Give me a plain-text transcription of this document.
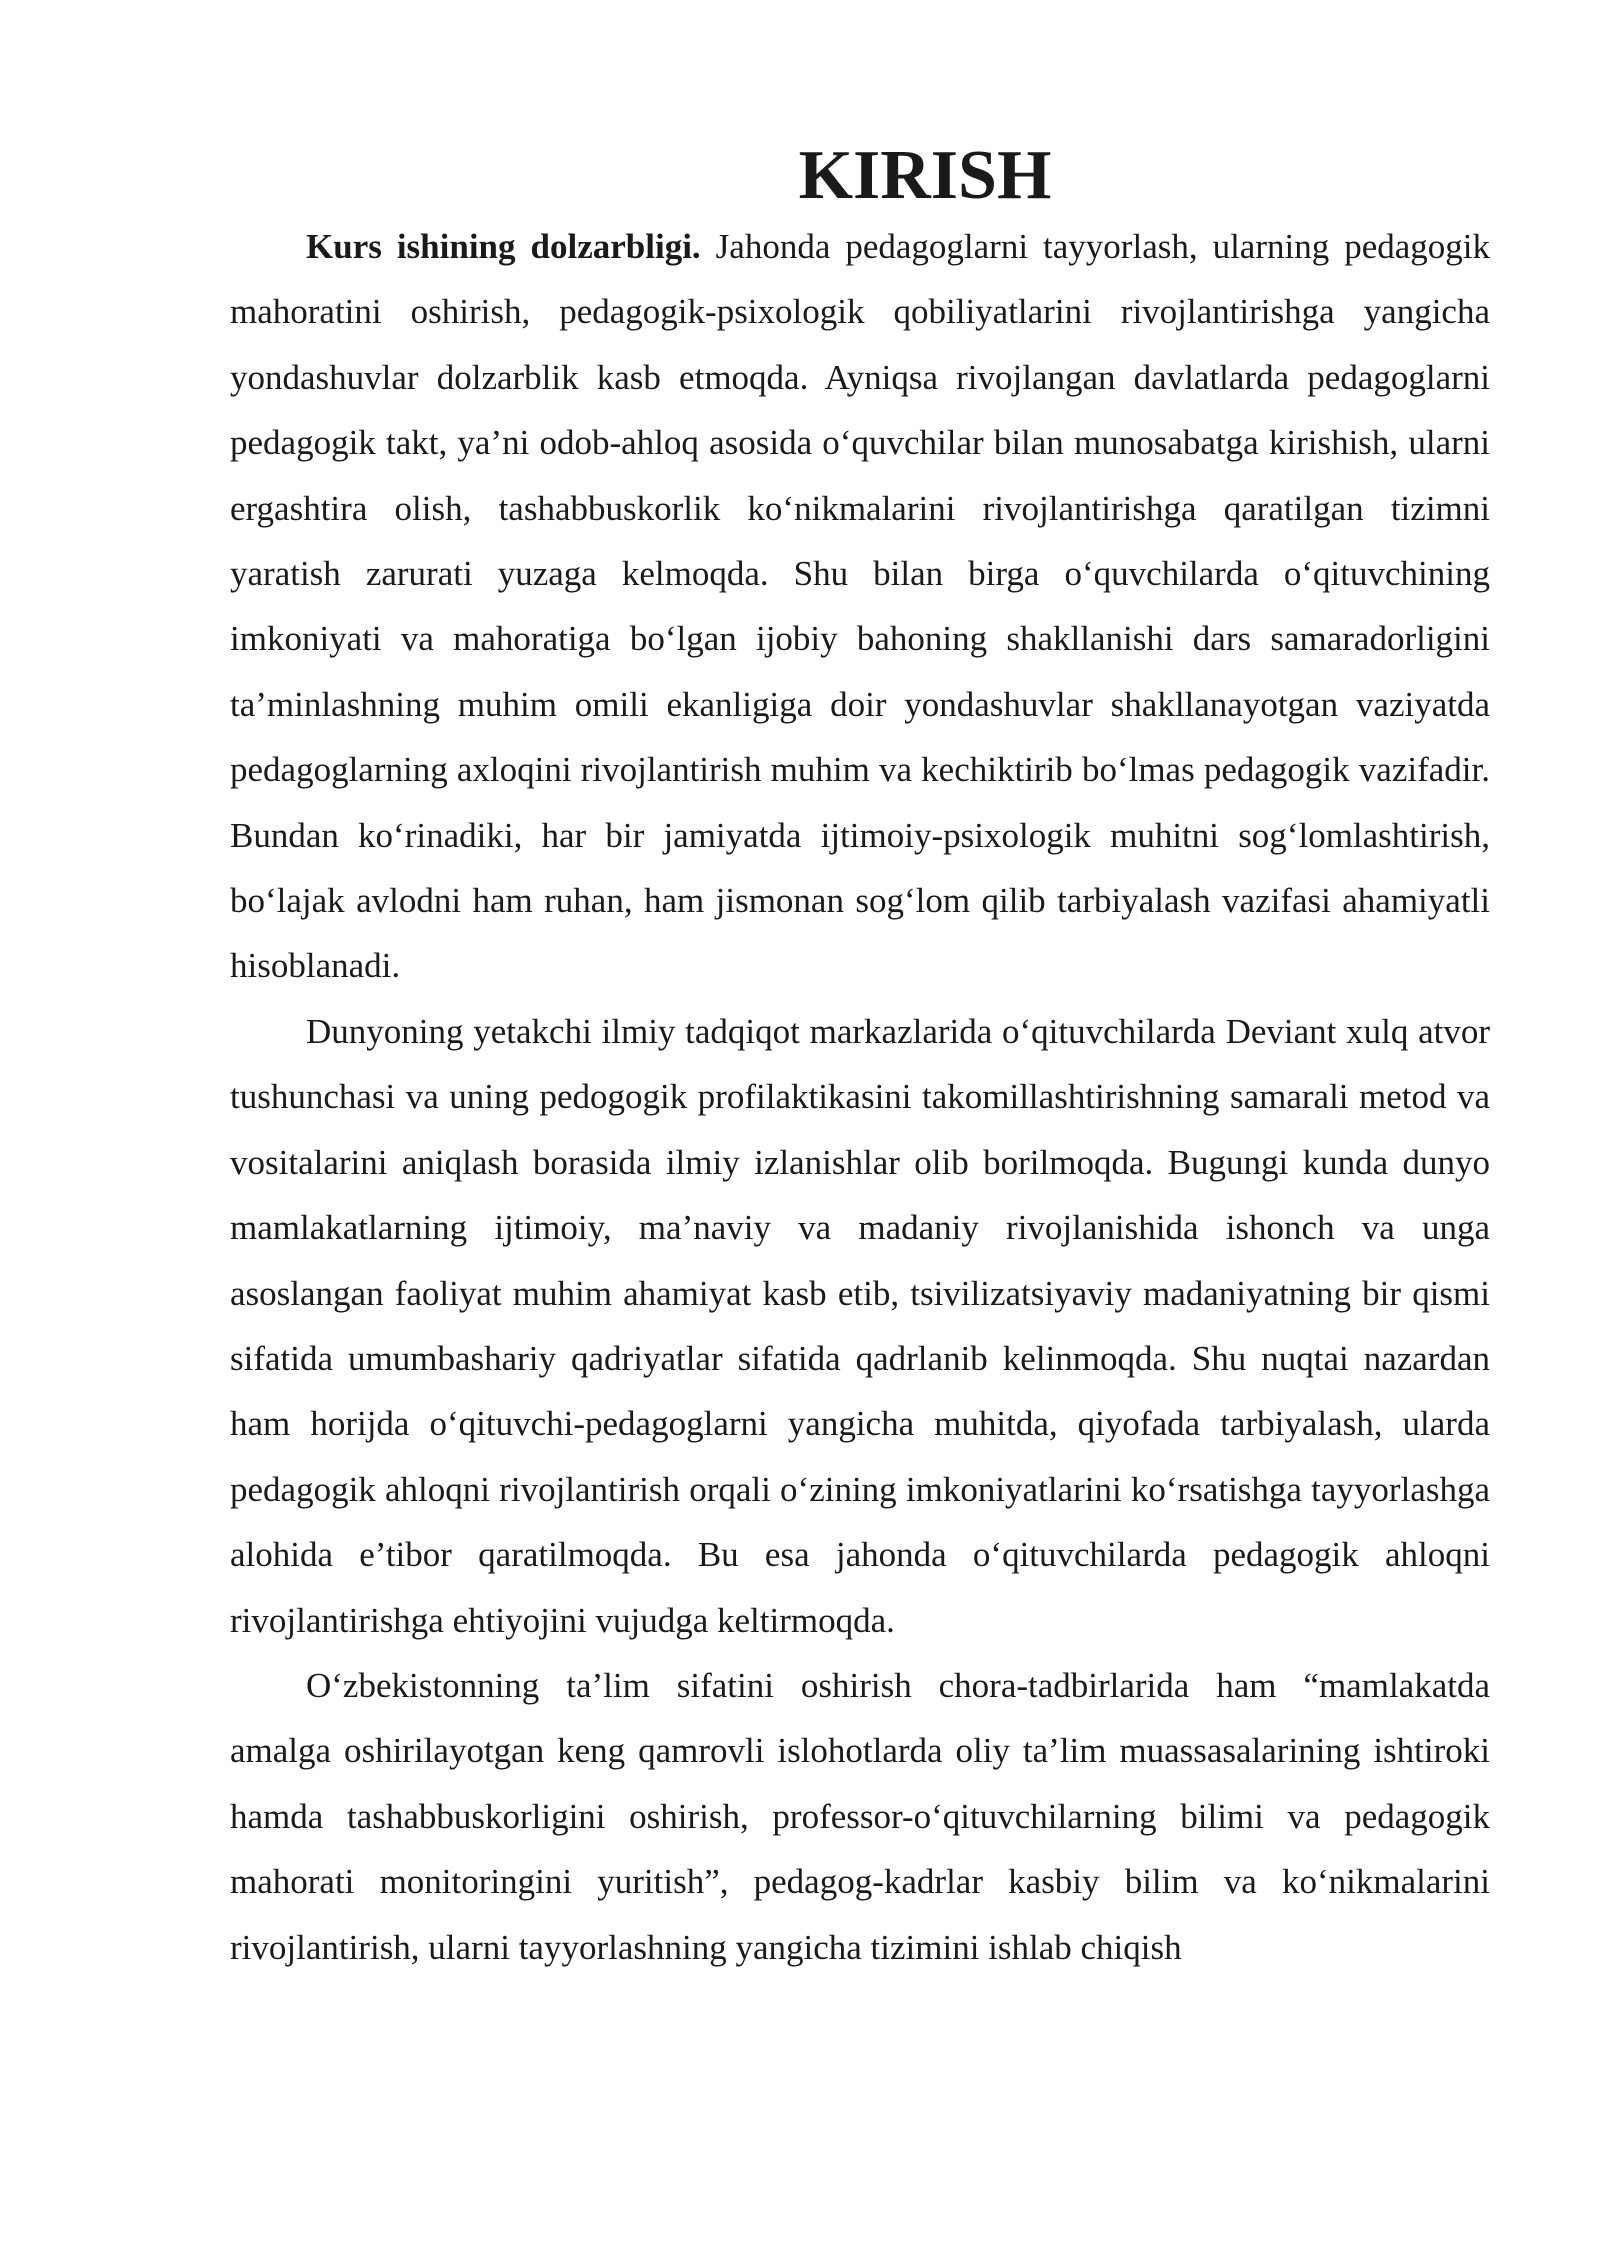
KIRISH

Kurs ishining dolzarbligi. Jahonda pedagoglarni tayyorlash, ularning pedagogik mahoratini oshirish, pedagogik-psixologik qobiliyatlarini rivojlantirishga yangicha yondashuvlar dolzarblik kasb etmoqda. Ayniqsa rivojlangan davlatlarda pedagoglarni pedagogik takt, ya’ni odob-ahloq asosida o‘quvchilar bilan munosabatga kirishish, ularni ergashtira olish, tashabbuskorlik ko‘nikmalarini rivojlantirishga qaratilgan tizimni yaratish zarurati yuzaga kelmoqda. Shu bilan birga o‘quvchilarda o‘qituvchining imkoniyati va mahoratiga bo‘lgan ijobiy bahoning shakllanishi dars samaradorligini ta’minlashning muhim omili ekanligiga doir yondashuvlar shakllanayotgan vaziyatda pedagoglarning axloqini rivojlantirish muhim va kechiktirib bo‘lmas pedagogik vazifadir. Bundan ko‘rinadiki, har bir jamiyatda ijtimoiy-psixologik muhitni sog‘lomlashtirish, bo‘lajak avlodni ham ruhan, ham jismonan sog‘lom qilib tarbiyalash vazifasi ahamiyatli hisoblanadi.

Dunyoning yetakchi ilmiy tadqiqot markazlarida o‘qituvchilarda Deviant xulq atvor tushunchasi va uning pedogogik profilaktikasini takomillashtirishning samarali metod va vositalarini aniqlash borasida ilmiy izlanishlar olib borilmoqda. Bugungi kunda dunyo mamlakatlarning ijtimoiy, ma’naviy va madaniy rivojlanishida ishonch va unga asoslangan faoliyat muhim ahamiyat kasb etib, tsivilizatsiyaviy madaniyatning bir qismi sifatida umumbashariy qadriyatlar sifatida qadrlanib kelinmoqda. Shu nuqtai nazardan ham horijda o‘qituvchi-pedagoglarni yangicha muhitda, qiyofada tarbiyalash, ularda pedagogik ahloqni rivojlantirish orqali o‘zining imkoniyatlarini ko‘rsatishga tayyorlashga alohida e’tibor qaratilmoqda. Bu esa jahonda o‘qituvchilarda pedagogik ahloqni rivojlantirishga ehtiyojini vujudga keltirmoqda.

O‘zbekistonning ta’lim sifatini oshirish chora-tadbirlarida ham “mamlakatda amalga oshirilayotgan keng qamrovli islohotlarda oliy ta’lim muassasalarining ishtiroki hamda tashabbuskorligini oshirish, professor-o‘qituvchilarning bilimi va pedagogik mahorati monitoringini yuritish”, pedagog-kadrlar kasbiy bilim va ko‘nikmalarini rivojlantirish, ularni tayyorlashning yangicha tizimini ishlab chiqish
